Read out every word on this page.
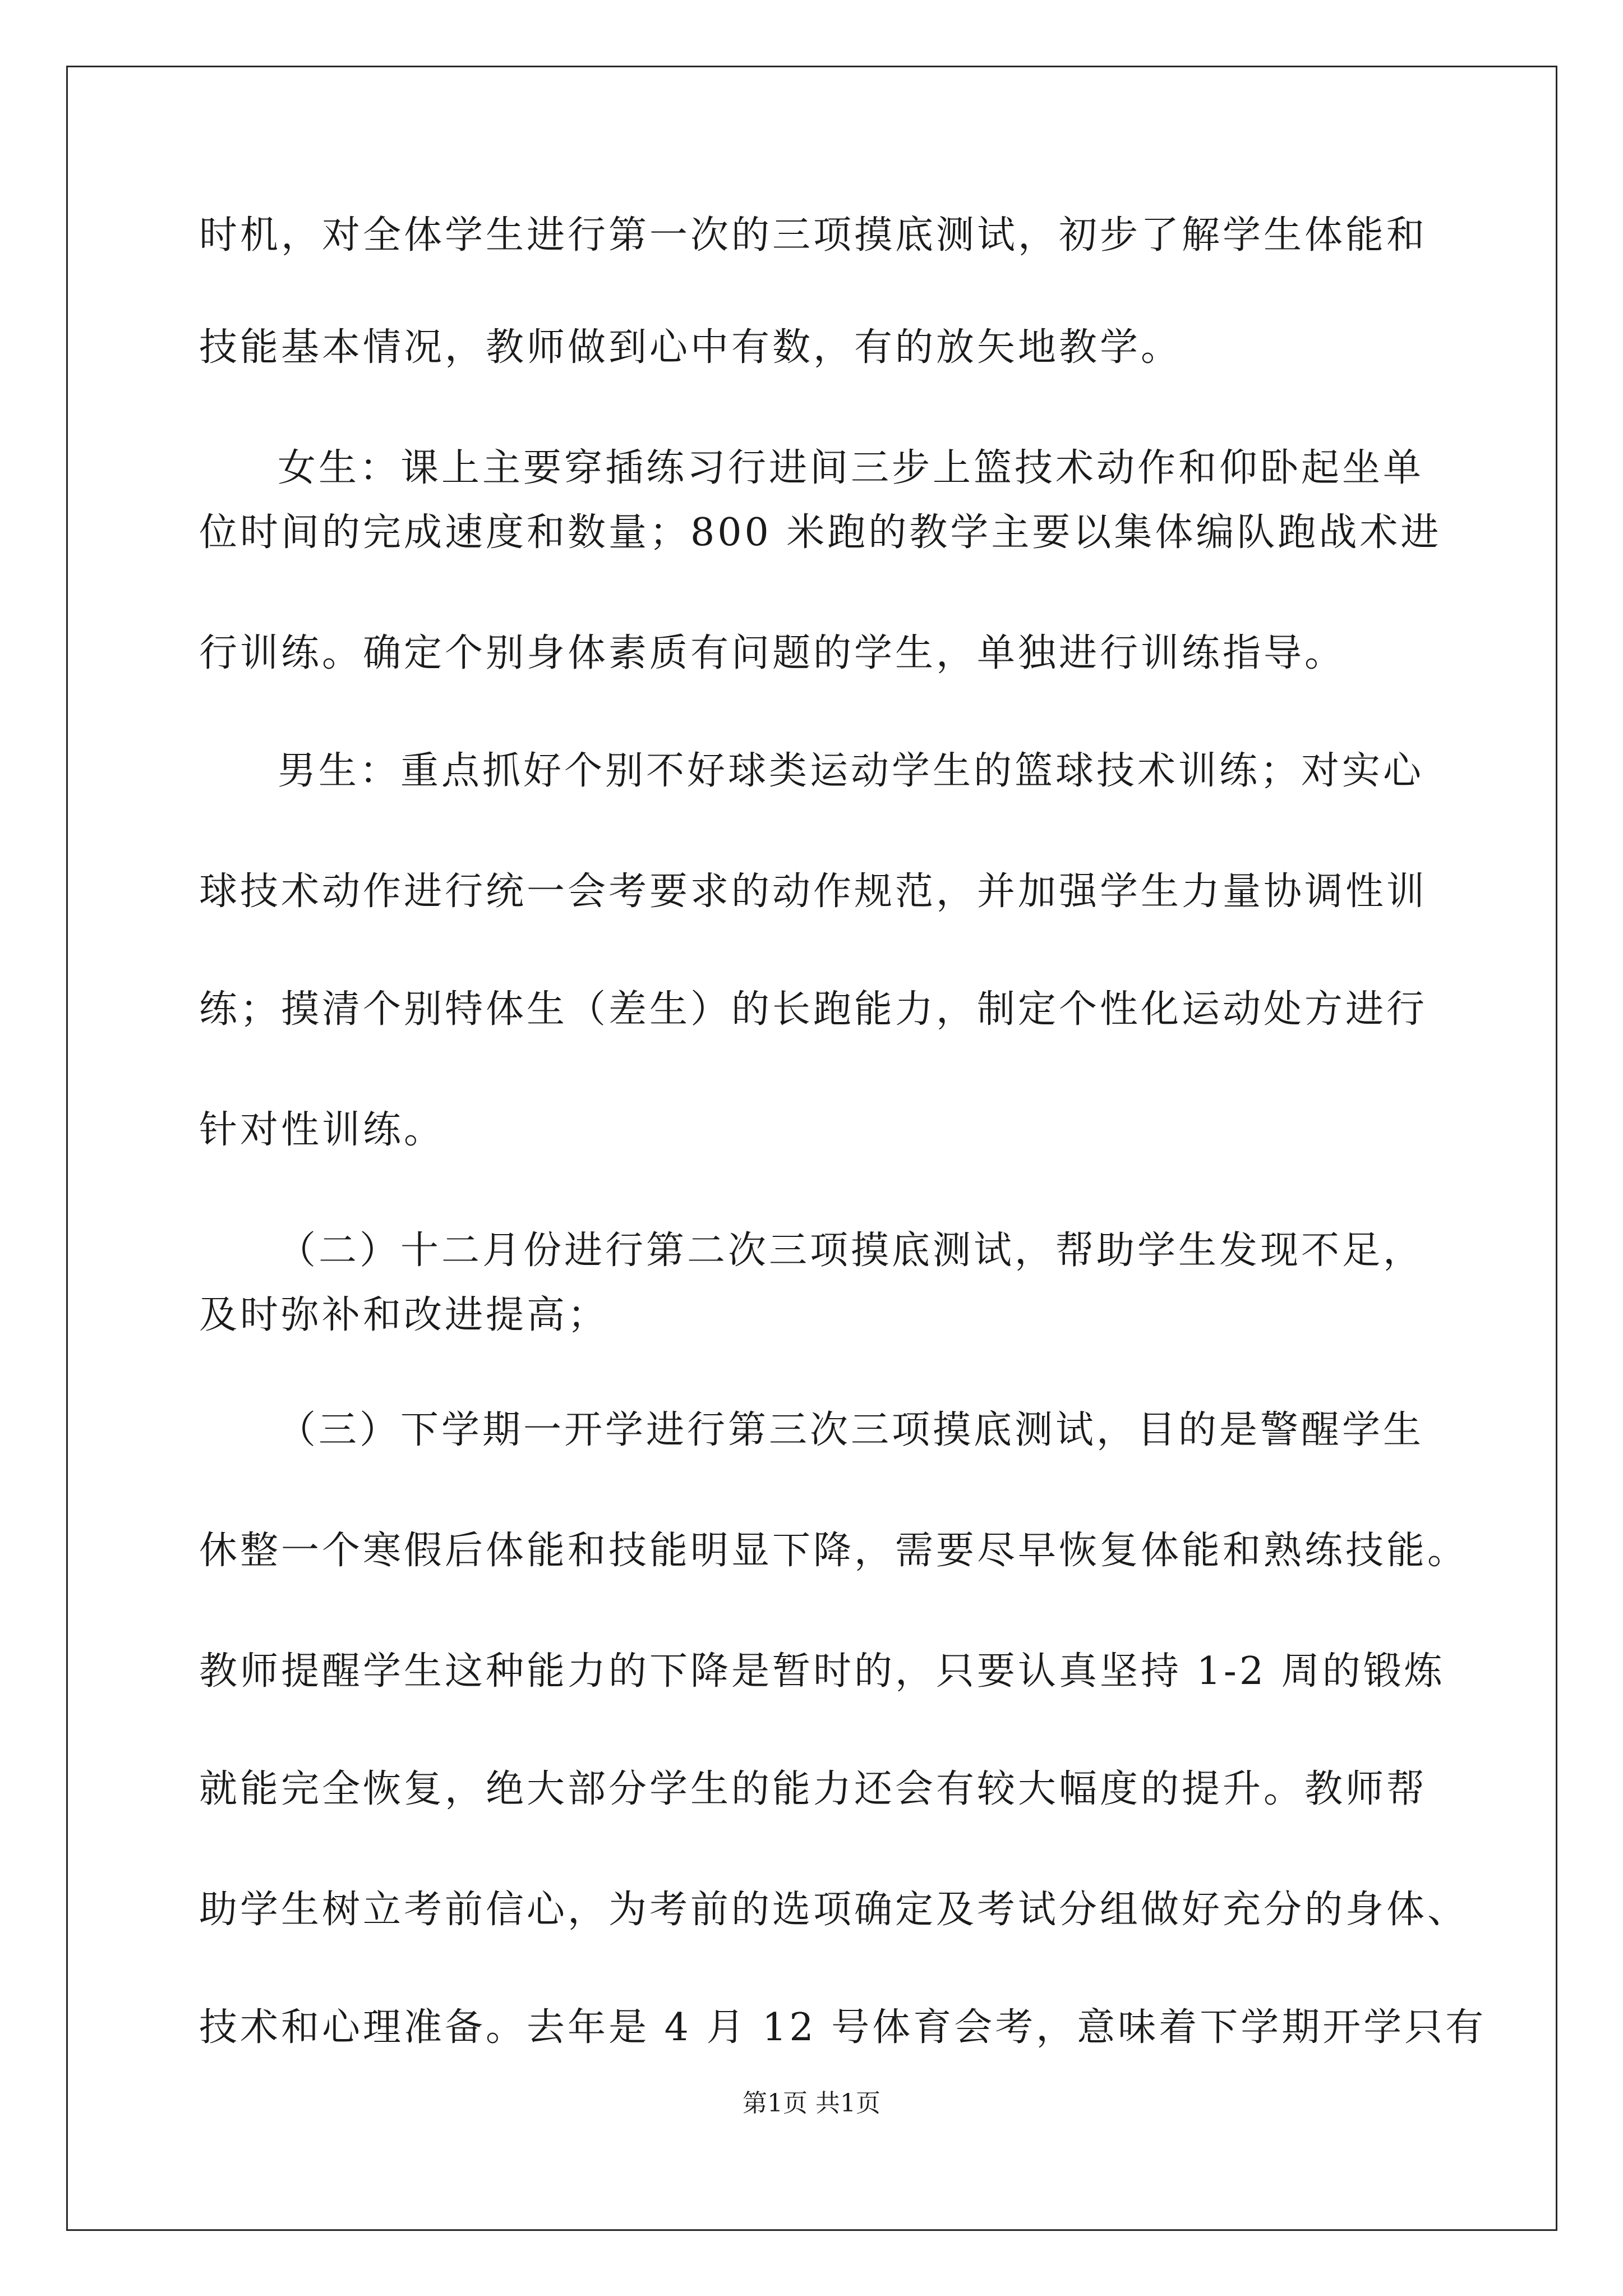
时机，对全体学生进行第一次的三项摸底测试，初步了解学生体能和
技能基本情况，教师做到心中有数，有的放矢地教学。
女生：课上主要穿插练习行进间三步上篮技术动作和仰卧起坐单
位时间的完成速度和数量；800 米跑的教学主要以集体编队跑战术进
行训练。确定个别身体素质有问题的学生，单独进行训练指导。
男生：重点抓好个别不好球类运动学生的篮球技术训练；对实心
球技术动作进行统一会考要求的动作规范，并加强学生力量协调性训
练；摸清个别特体生（差生）的长跑能力，制定个性化运动处方进行
针对性训练。
（二）十二月份进行第二次三项摸底测试，帮助学生发现不足，
及时弥补和改进提高；
（三）下学期一开学进行第三次三项摸底测试，目的是警醒学生
休整一个寒假后体能和技能明显下降，需要尽早恢复体能和熟练技能。
教师提醒学生这种能力的下降是暂时的，只要认真坚持 1-2 周的锻炼
就能完全恢复，绝大部分学生的能力还会有较大幅度的提升。教师帮
助学生树立考前信心，为考前的选项确定及考试分组做好充分的身体、
技术和心理准备。去年是 4 月 12 号体育会考，意味着下学期开学只有
第1页 共1页
